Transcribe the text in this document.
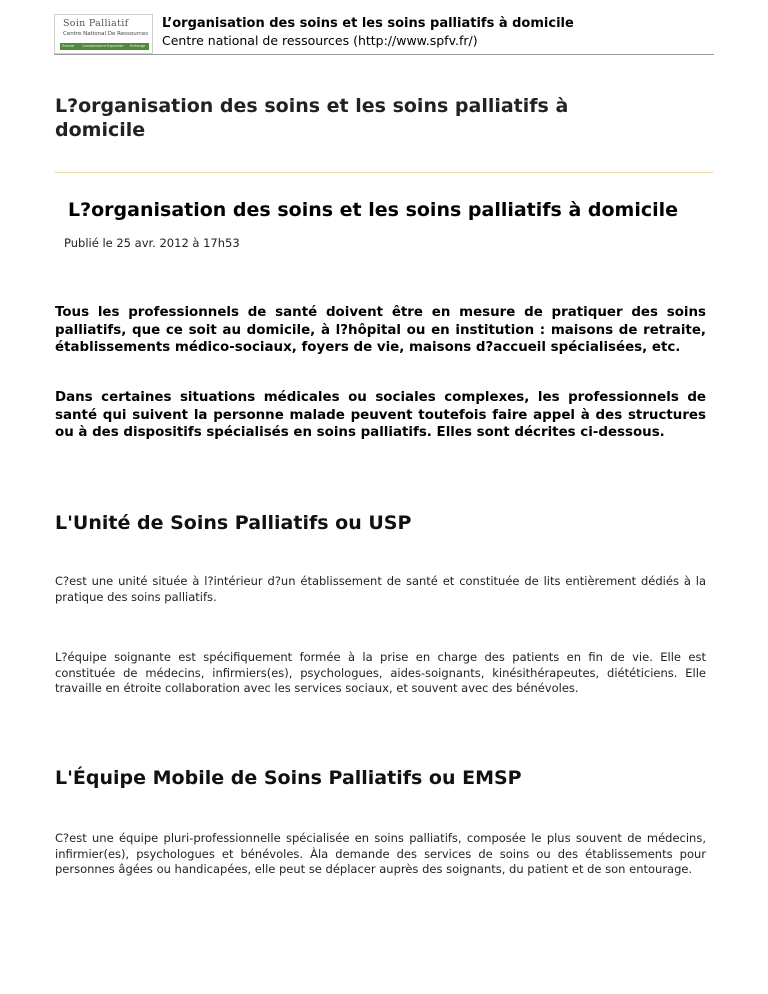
Soin Palliatif
Centre National De Ressources
Ecoute Connaissance Expertise Echange
L’organisation des soins et les soins palliatifs à domicile
Centre national de ressources (http://www.spfv.fr/)
L?organisation des soins et les soins palliatifs à domicile
L?organisation des soins et les soins palliatifs à domicile
Publié le 25 avr. 2012 à 17h53

Tous les professionnels de santé doivent être en mesure de pratiquer des soins palliatifs, que ce soit au domicile, à l?hôpital ou en institution : maisons de retraite, établissements médico-sociaux, foyers de vie, maisons d?accueil spécialisées, etc.

Dans certaines situations médicales ou sociales complexes, les professionnels de santé qui suivent la personne malade peuvent toutefois faire appel à des structures ou à des dispositifs spécialisés en soins palliatifs. Elles sont décrites ci-dessous.

L'Unité de Soins Palliatifs ou USP

C?est une unité située à l?intérieur d?un établissement de santé et constituée de lits entièrement dédiés à la pratique des soins palliatifs.

L?équipe soignante est spécifiquement formée à la prise en charge des patients en fin de vie. Elle est constituée de médecins, infirmiers(es), psychologues, aides-soignants, kinésithérapeutes, diététiciens. Elle travaille en étroite collaboration avec les services sociaux, et souvent avec des bénévoles.

L'Équipe Mobile de Soins Palliatifs ou EMSP

C?est une équipe pluri-professionnelle spécialisée en soins palliatifs, composée le plus souvent de médecins, infirmier(es), psychologues et bénévoles. Àla demande des services de soins ou des établissements pour personnes âgées ou handicapées, elle peut se déplacer auprès des soignants, du patient et de son entourage.
